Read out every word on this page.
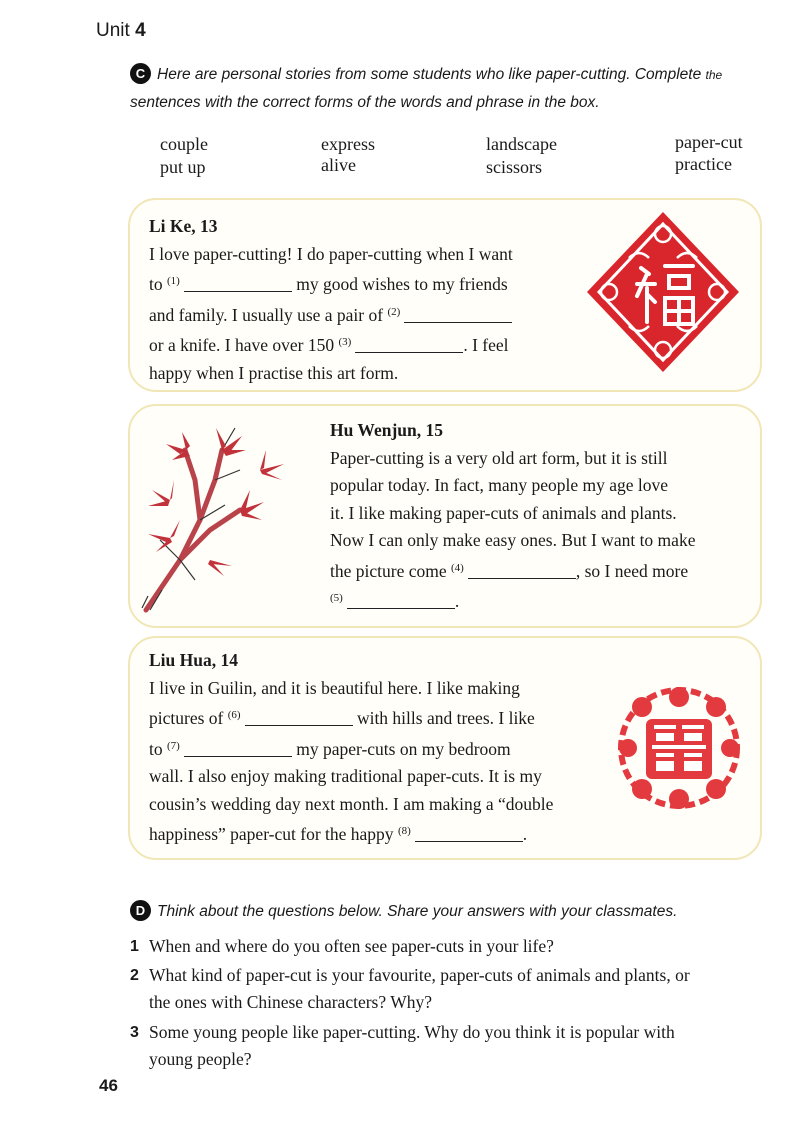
Unit 4
C Here are personal stories from some students who like paper-cutting. Complete the
sentences with the correct forms of the words and phrase in the box.
couple	express	landscape	paper-cut
put up	alive	scissors	practice
Li Ke, 13
I love paper-cutting! I do paper-cutting when I want
to $^{(1)}$	my good wishes to my friends
and family. I usually use a pair of $^{(2)}$
or a knife. I have over 150 $^{(3)}$	. I feel
happy when I practise this art form.
Hu Wenjun, 15
Paper-cutting is a very old art form, but it is still
popular today. In fact, many people my age love
it. I like making paper-cuts of animals and plants.
Now I can only make easy ones. But I want to make
the picture come $^{(4)}$	, so I need more
$^{(5)}$	.
Liu Hua, 14
I live in Guilin, and it is beautiful here. I like making
pictures of $^{(6)}$	with hills and trees. I like
to $^{(7)}$	my paper-cuts on my bedroom
wall. I also enjoy making traditional paper-cuts. It is my
cousin’s wedding day next month. I am making a “double
happiness” paper-cut for the happy $^{(8)}$	.
D Think about the questions below. Share your answers with your classmates.
1 When and where do you often see paper-cuts in your life?
2 What kind of paper-cut is your favourite, paper-cuts of animals and plants, or
the ones with Chinese characters? Why?
3 Some young people like paper-cutting. Why do you think it is popular with
young people?
46
